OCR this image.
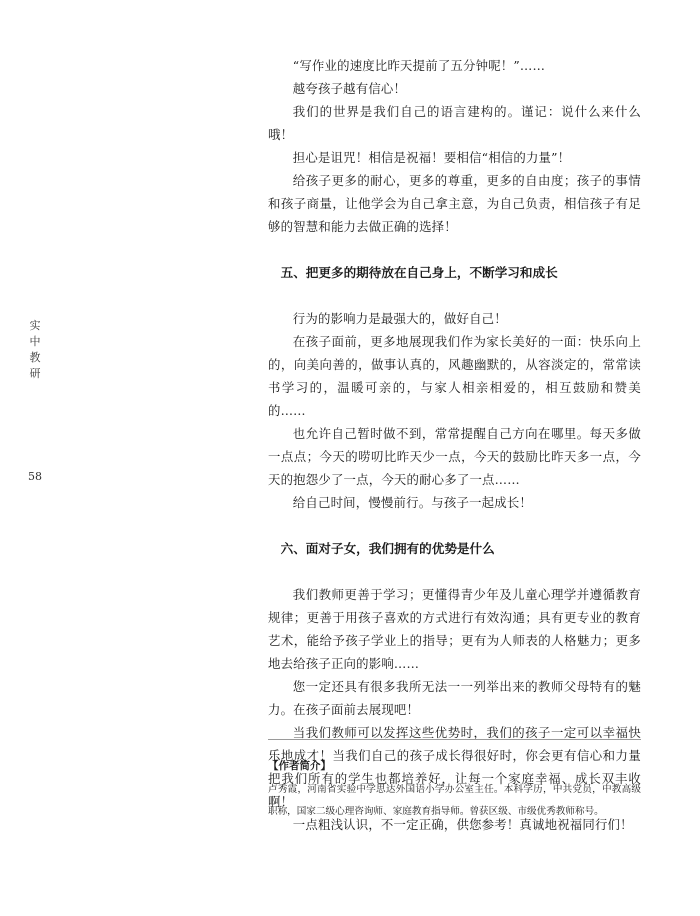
实
中
教
研
58

“写作业的速度比昨天提前了五分钟呢！”……

越夸孩子越有信心！

我们的世界是我们自己的语言建构的。谨记：说什么来什么哦！

担心是诅咒！相信是祝福！要相信“相信的力量”！

给孩子更多的耐心，更多的尊重，更多的自由度；孩子的事情和孩子商量，让他学会为自己拿主意，为自己负责，相信孩子有足够的智慧和能力去做正确的选择！

五、把更多的期待放在自己身上，不断学习和成长

行为的影响力是最强大的，做好自己！

在孩子面前，更多地展现我们作为家长美好的一面：快乐向上的，向美向善的，做事认真的，风趣幽默的，从容淡定的，常常读书学习的，温暖可亲的，与家人相亲相爱的，相互鼓励和赞美的……

也允许自己暂时做不到，常常提醒自己方向在哪里。每天多做一点点；今天的唠叨比昨天少一点，今天的鼓励比昨天多一点，今天的抱怨少了一点，今天的耐心多了一点……

给自己时间，慢慢前行。与孩子一起成长！

六、面对子女，我们拥有的优势是什么

我们教师更善于学习；更懂得青少年及儿童心理学并遵循教育规律；更善于用孩子喜欢的方式进行有效沟通；具有更专业的教育艺术，能给予孩子学业上的指导；更有为人师表的人格魅力；更多地去给孩子正向的影响……

您一定还具有很多我所无法一一列举出来的教师父母特有的魅力。在孩子面前去展现吧！

当我们教师可以发挥这些优势时，我们的孩子一定可以幸福快乐地成才！当我们自己的孩子成长得很好时，你会更有信心和力量把我们所有的学生也都培养好，让每一个家庭幸福、成长双丰收啊！

一点粗浅认识，不一定正确，供您参考！真诚地祝福同行们！

【作者简介】

卢秀霞，河南省实验中学思达外国语小学办公室主任。本科学历，中共党员，中教高级职称，国家二级心理咨询师、家庭教育指导师。曾获区级、市级优秀教师称号。
